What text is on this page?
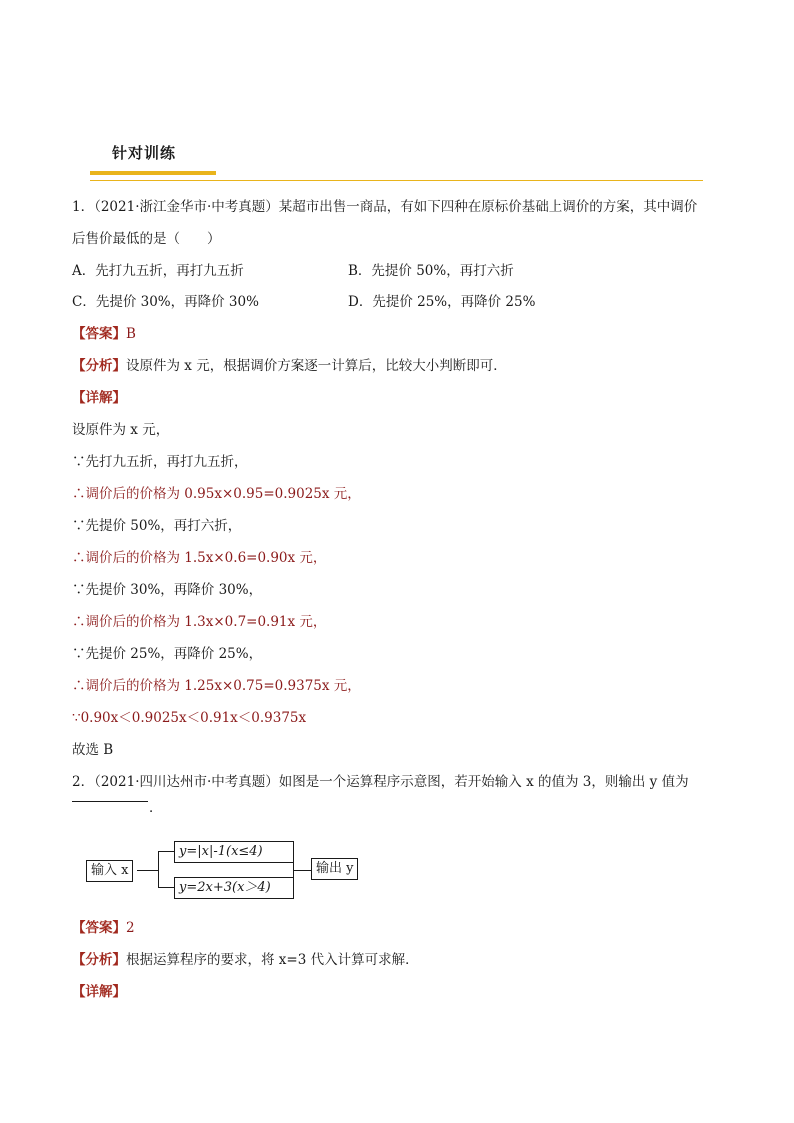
针对训练
1．（2021·浙江金华市·中考真题）某超市出售一商品，有如下四种在原标价基础上调价的方案，其中调价
后售价最低的是（　　）
A．先打九五折，再打九五折	B．先提价 50%，再打六折
C．先提价 30%，再降价 30%	D．先提价 25%，再降价 25%
【答案】B
【分析】设原件为 x 元，根据调价方案逐一计算后，比较大小判断即可．
【详解】
设原件为 x 元，
∵先打九五折，再打九五折，
∴调价后的价格为 0.95x×0.95=0.9025x 元，
∵先提价 50%，再打六折，
∴调价后的价格为 1.5x×0.6=0.90x 元，
∵先提价 30%，再降价 30%，
∴调价后的价格为 1.3x×0.7=0.91x 元，
∵先提价 25%，再降价 25%，
∴调价后的价格为 1.25x×0.75=0.9375x 元，
∵0.90x＜0.9025x＜0.91x＜0.9375x
故选 B
2．（2021·四川达州市·中考真题）如图是一个运算程序示意图，若开始输入 x 的值为 3，则输出 y 值为
．
输入 x
y=|x|-1(x≤4)
y=2x+3(x＞4)
输出 y
【答案】2
【分析】根据运算程序的要求，将 x=3 代入计算可求解．
【详解】
